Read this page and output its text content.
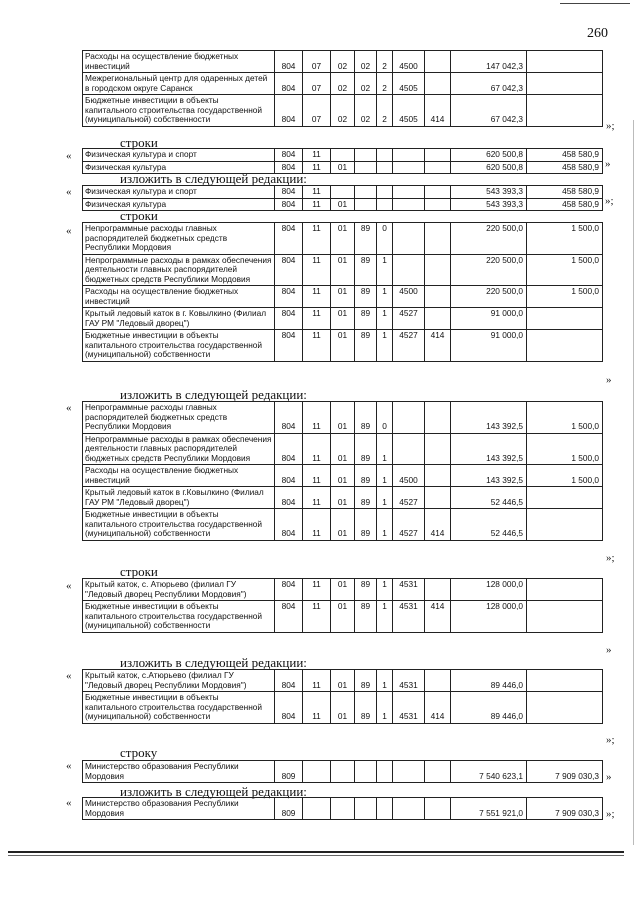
260
Расходы на осуществление бюджетных инвестиций	804	07	02	02	2	4500		147 042,3	
Межрегиональный центр для одаренных детей в городском округе Саранск	804	07	02	02	2	4505		67 042,3	
Бюджетные инвестиции в объекты капитального строительства государственной (муниципальной) собственности	804	07	02	02	2	4505	414	67 042,3	
»;
строки
« Физическая культура и спорт	804	11						620 500,8	458 580,9
Физическая культура	804	11	01					620 500,8	458 580,9 »
изложить в следующей редакции:
« Физическая культура и спорт	804	11						543 393,3	458 580,9
Физическая культура	804	11	01					543 393,3	458 580,9 »;
строки
« Непрограммные расходы главных распорядителей бюджетных средств Республики Мордовия	804	11	01	89	0			220 500,0	1 500,0
Непрограммные расходы в рамках обеспечения деятельности главных распорядителей бюджетных средств Республики Мордовия	804	11	01	89	1			220 500,0	1 500,0
Расходы на осуществление бюджетных инвестиций	804	11	01	89	1	4500		220 500,0	1 500,0
Крытый ледовый каток в г. Ковылкино (Филиал ГАУ РМ "Ледовый дворец")	804	11	01	89	1	4527		91 000,0	
Бюджетные инвестиции в объекты капитального строительства государственной (муниципальной) собственности	804	11	01	89	1	4527	414	91 000,0	
»
изложить в следующей редакции:
« Непрограммные расходы главных распорядителей бюджетных средств Республики Мордовия	804	11	01	89	0			143 392,5	1 500,0
Непрограммные расходы в рамках обеспечения деятельности главных распорядителей бюджетных средств Республики Мордовия	804	11	01	89	1			143 392,5	1 500,0
Расходы на осуществление бюджетных инвестиций	804	11	01	89	1	4500		143 392,5	1 500,0
Крытый ледовый каток в г.Ковылкино (Филиал ГАУ РМ "Ледовый дворец")	804	11	01	89	1	4527		52 446,5	
Бюджетные инвестиции в объекты капитального строительства государственной (муниципальной) собственности	804	11	01	89	1	4527	414	52 446,5	
»;
строки
« Крытый каток, с. Атюрьево (филиал ГУ "Ледовый дворец Республики Мордовия")	804	11	01	89	1	4531		128 000,0	
Бюджетные инвестиции в объекты капитального строительства государственной (муниципальной) собственности	804	11	01	89	1	4531	414	128 000,0	
»
изложить в следующей редакции:
« Крытый каток, с.Атюрьево (филиал ГУ "Ледовый дворец Республики Мордовия")	804	11	01	89	1	4531		89 446,0	
Бюджетные инвестиции в объекты капитального строительства государственной (муниципальной) собственности	804	11	01	89	1	4531	414	89 446,0	
»;
строку
« Министерство образования Республики Мордовия	809							7 540 623,1	7 909 030,3 »
изложить в следующей редакции:
« Министерство образования Республики Мордовия	809							7 551 921,0	7 909 030,3 »;
